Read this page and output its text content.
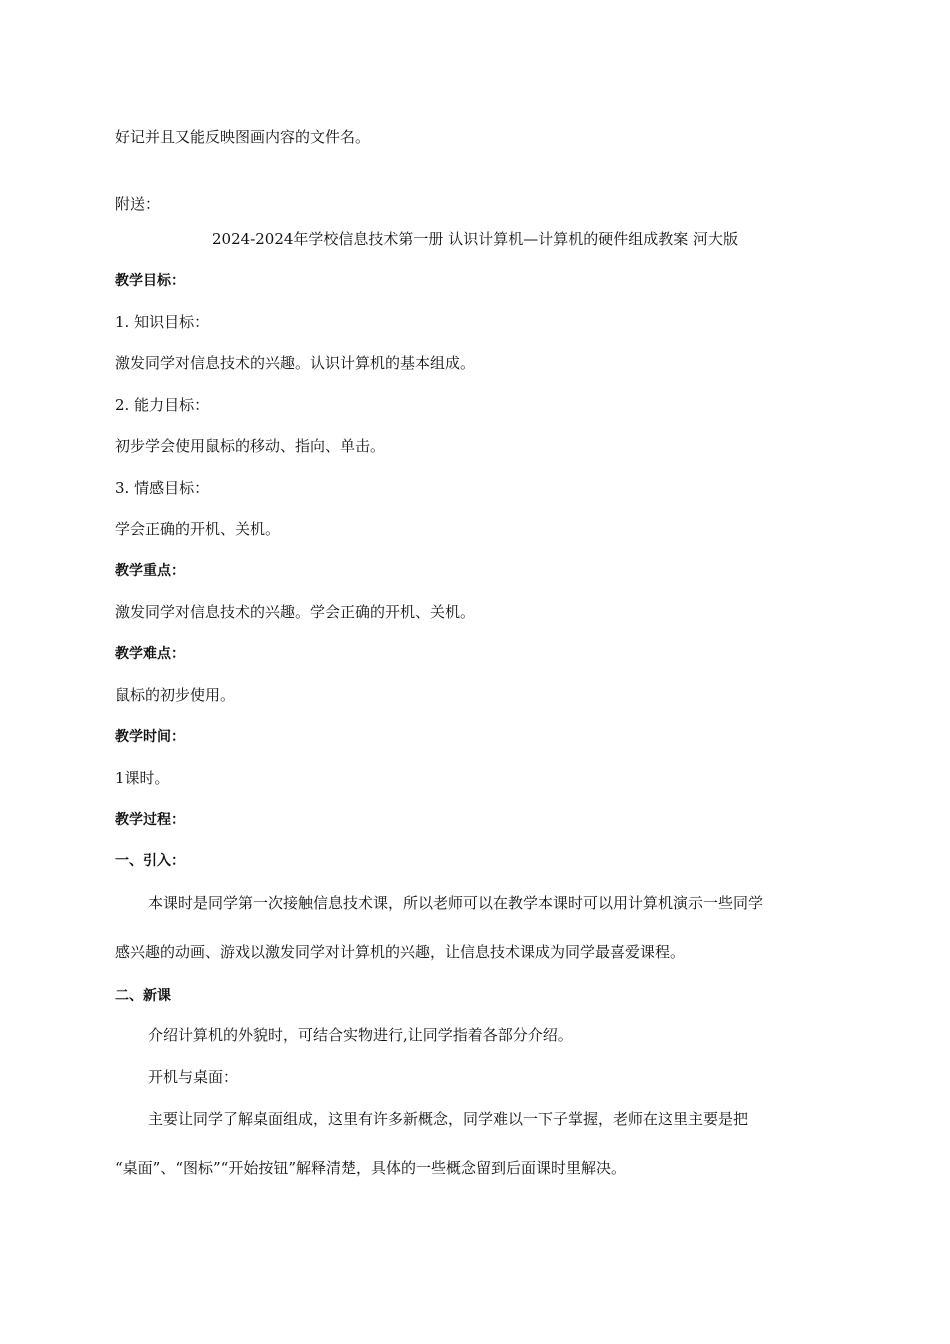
好记并且又能反映图画内容的文件名。
附送：
2024-2024年学校信息技术第一册 认识计算机—计算机的硬件组成教案 河大版
教学目标：
1. 知识目标：
激发同学对信息技术的兴趣。认识计算机的基本组成。
2. 能力目标：
初步学会使用鼠标的移动、指向、单击。
3. 情感目标：
学会正确的开机、关机。
教学重点：
激发同学对信息技术的兴趣。学会正确的开机、关机。
教学难点：
鼠标的初步使用。
教学时间：
1课时。
教学过程：
一、引入：
本课时是同学第一次接触信息技术课，所以老师可以在教学本课时可以用计算机演示一些同学
感兴趣的动画、游戏以激发同学对计算机的兴趣，让信息技术课成为同学最喜爱课程。
二、新课
介绍计算机的外貌时，可结合实物进行,让同学指着各部分介绍。
开机与桌面：
主要让同学了解桌面组成，这里有许多新概念，同学难以一下子掌握，老师在这里主要是把
“桌面”、“图标”“开始按钮”解释清楚，具体的一些概念留到后面课时里解决。
